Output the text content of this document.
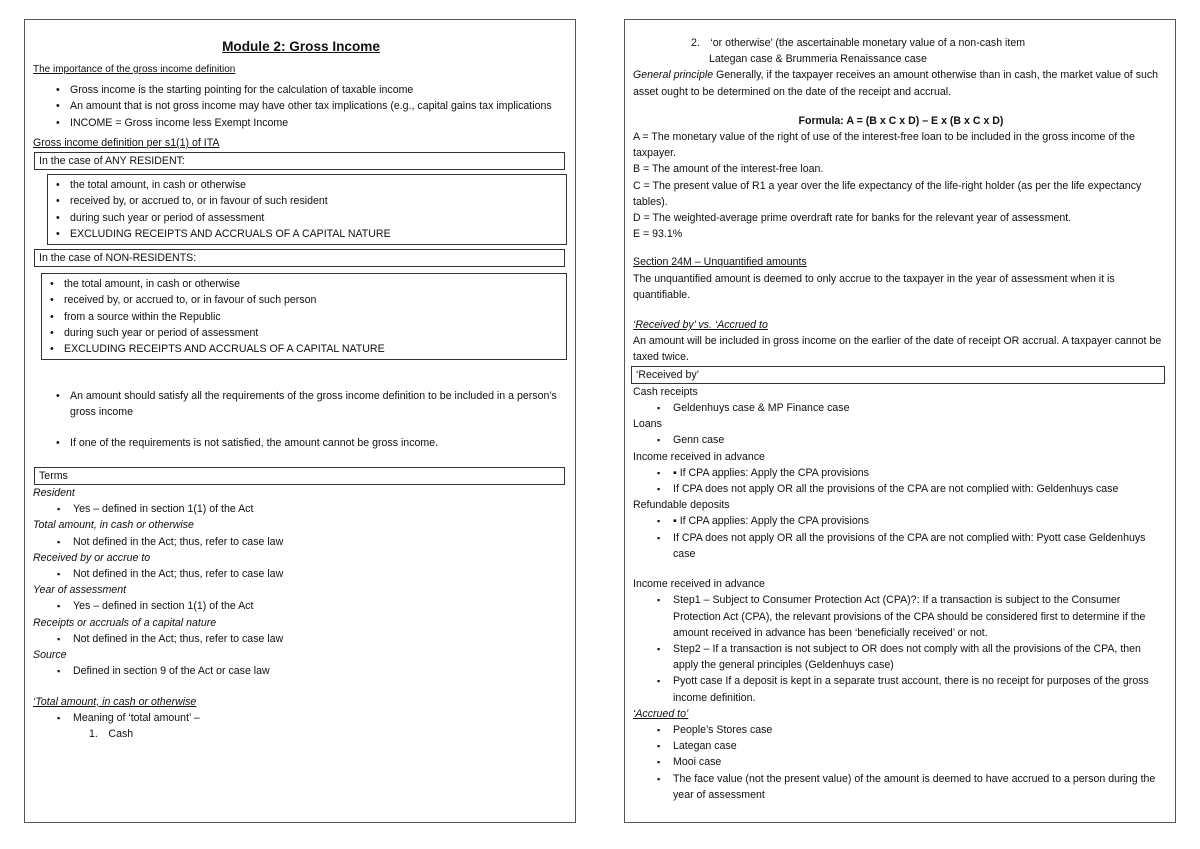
Module 2: Gross Income
The importance of the gross income definition
• Gross income is the starting pointing for the calculation of taxable income
• An amount that is not gross income may have other tax implications (e.g., capital gains tax implications
• INCOME = Gross income less Exempt Income
Gross income definition per s1(1) of ITA
In the case of ANY RESIDENT:
• the total amount, in cash or otherwise
• received by, or accrued to, or in favour of such resident
• during such year or period of assessment
• EXCLUDING RECEIPTS AND ACCRUALS OF A CAPITAL NATURE
In the case of NON-RESIDENTS:
• the total amount, in cash or otherwise
• received by, or accrued to, or in favour of such person
• from a source within the Republic
• during such year or period of assessment
• EXCLUDING RECEIPTS AND ACCRUALS OF A CAPITAL NATURE
• An amount should satisfy all the requirements of the gross income definition to be included in a person’s gross income
• If one of the requirements is not satisfied, the amount cannot be gross income.
Terms
Resident
▪ Yes – defined in section 1(1) of the Act
Total amount, in cash or otherwise
▪ Not defined in the Act; thus, refer to case law
Received by or accrue to
▪ Not defined in the Act; thus, refer to case law
Year of assessment
▪ Yes – defined in section 1(1) of the Act
Receipts or accruals of a capital nature
▪ Not defined in the Act; thus, refer to case law
Source
▪ Defined in section 9 of the Act or case law
‘Total amount, in cash or otherwise
▪ Meaning of ‘total amount’ –
1. Cash
2. ‘or otherwise’ (the ascertainable monetary value of a non-cash item
Lategan case & Brummeria Renaissance case
General principle Generally, if the taxpayer receives an amount otherwise than in cash, the market value of such asset ought to be determined on the date of the receipt and accrual.
Formula: A = (B x C x D) – E x (B x C x D)
A = The monetary value of the right of use of the interest-free loan to be included in the gross income of the taxpayer.
B = The amount of the interest-free loan.
C = The present value of R1 a year over the life expectancy of the life-right holder (as per the life expectancy tables).
D = The weighted-average prime overdraft rate for banks for the relevant year of assessment.
E = 93.1%
Section 24M – Unquantified amounts
The unquantified amount is deemed to only accrue to the taxpayer in the year of assessment when it is quantifiable.
‘Received by’ vs. ‘Accrued to
An amount will be included in gross income on the earlier of the date of receipt OR accrual. A taxpayer cannot be taxed twice.
‘Received by’
Cash receipts
▪ Geldenhuys case & MP Finance case
Loans
▪ Genn case
Income received in advance
▪ ▪ If CPA applies: Apply the CPA provisions
▪ If CPA does not apply OR all the provisions of the CPA are not complied with: Geldenhuys case
Refundable deposits
▪ ▪ If CPA applies: Apply the CPA provisions
▪ If CPA does not apply OR all the provisions of the CPA are not complied with: Pyott case Geldenhuys case
Income received in advance
▪ Step1 – Subject to Consumer Protection Act (CPA)?: If a transaction is subject to the Consumer Protection Act (CPA), the relevant provisions of the CPA should be considered first to determine if the amount received in advance has been ‘beneficially received’ or not.
▪ Step2 – If a transaction is not subject to OR does not comply with all the provisions of the CPA, then apply the general principles (Geldenhuys case)
▪ Pyott case If a deposit is kept in a separate trust account, there is no receipt for purposes of the gross income definition.
‘Accrued to’
▪ People’s Stores case
▪ Lategan case
▪ Mooi case
▪ The face value (not the present value) of the amount is deemed to have accrued to a person during the year of assessment
